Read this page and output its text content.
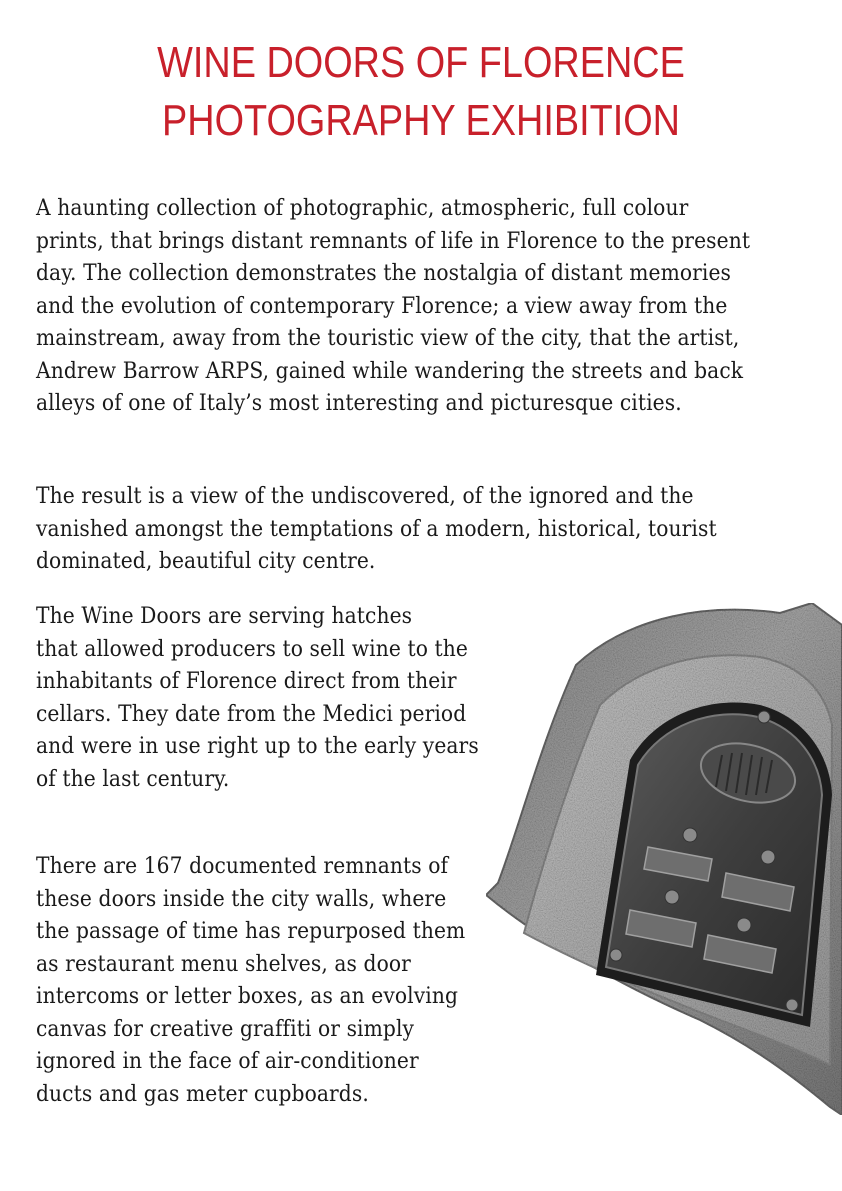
WINE DOORS OF FLORENCE
PHOTOGRAPHY EXHIBITION
A haunting collection of photographic, atmospheric, full colour
prints, that brings distant remnants of life in Florence to the present
day. The collection demonstrates the nostalgia of distant memories
and the evolution of contemporary Florence; a view away from the
mainstream, away from the touristic view of the city, that the artist,
Andrew Barrow ARPS, gained while wandering the streets and back
alleys of one of Italy’s most interesting and picturesque cities.
The result is a view of the undiscovered, of the ignored and the
vanished amongst the temptations of a modern, historical, tourist
dominated, beautiful city centre.
The Wine Doors are serving hatches
that allowed producers to sell wine to the
inhabitants of Florence direct from their
cellars. They date from the Medici period
and were in use right up to the early years
of the last century.
There are 167 documented remnants of
these doors inside the city walls, where
the passage of time has repurposed them
as restaurant menu shelves, as door
intercoms or letter boxes, as an evolving
canvas for creative graffiti or simply
ignored in the face of air-conditioner
ducts and gas meter cupboards.
